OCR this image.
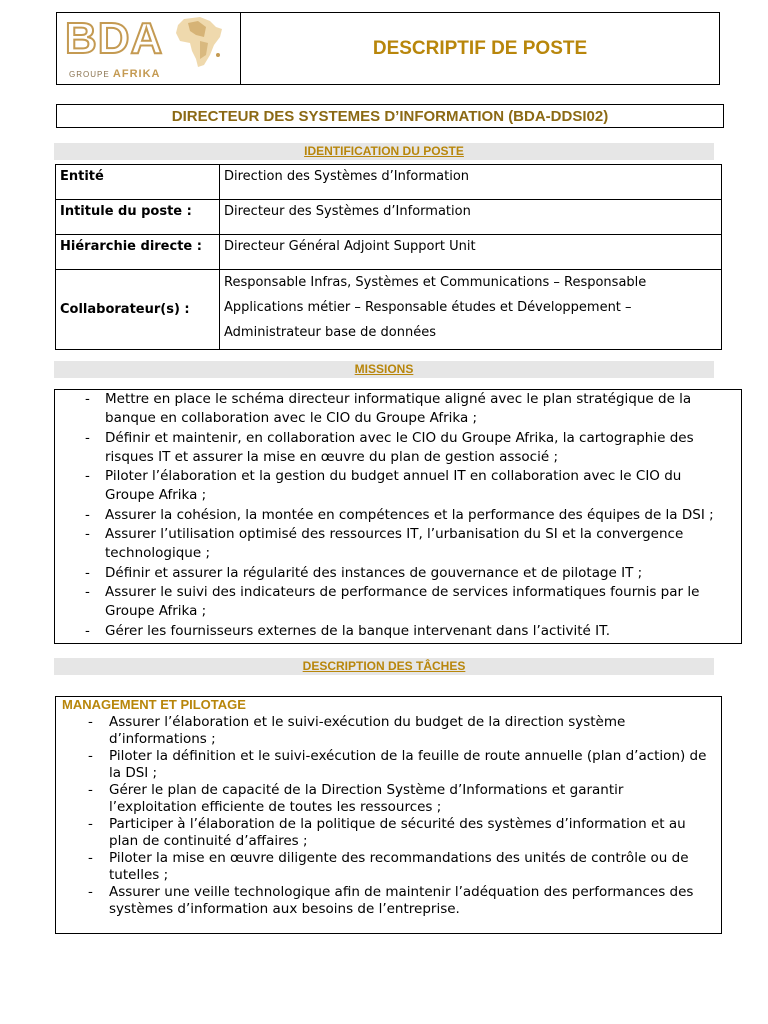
BDA
GROUPE AFRIKA
DESCRIPTIF DE POSTE
DIRECTEUR DES SYSTEMES D’INFORMATION (BDA-DDSI02)
IDENTIFICATION DU POSTE
Entité	Direction des Systèmes d’Information
Intitule du poste :	Directeur des Systèmes d’Information
Hiérarchie directe :	Directeur Général Adjoint Support Unit
Collaborateur(s) :	Responsable Infras, Systèmes et Communications – Responsable Applications métier – Responsable études et Développement – Administrateur base de données
MISSIONS
- Mettre en place le schéma directeur informatique aligné avec le plan stratégique de la banque en collaboration avec le CIO du Groupe Afrika ;
- Définir et maintenir, en collaboration avec le CIO du Groupe Afrika, la cartographie des risques IT et assurer la mise en œuvre du plan de gestion associé ;
- Piloter l’élaboration et la gestion du budget annuel IT en collaboration avec le CIO du Groupe Afrika ;
- Assurer la cohésion, la montée en compétences et la performance des équipes de la DSI ;
- Assurer l’utilisation optimisé des ressources IT, l’urbanisation du SI et la convergence technologique ;
- Définir et assurer la régularité des instances de gouvernance et de pilotage IT ;
- Assurer le suivi des indicateurs de performance de services informatiques fournis par le Groupe Afrika ;
- Gérer les fournisseurs externes de la banque intervenant dans l’activité IT.
DESCRIPTION DES TÂCHES
MANAGEMENT ET PILOTAGE
- Assurer l’élaboration et le suivi-exécution du budget de la direction système d’informations ;
- Piloter la définition et le suivi-exécution de la feuille de route annuelle (plan d’action) de la DSI ;
- Gérer le plan de capacité de la Direction Système d’Informations et garantir l’exploitation efficiente de toutes les ressources ;
- Participer à l’élaboration de la politique de sécurité des systèmes d’information et au plan de continuité d’affaires ;
- Piloter la mise en œuvre diligente des recommandations des unités de contrôle ou de tutelles ;
- Assurer une veille technologique afin de maintenir l’adéquation des performances des systèmes d’information aux besoins de l’entreprise.
